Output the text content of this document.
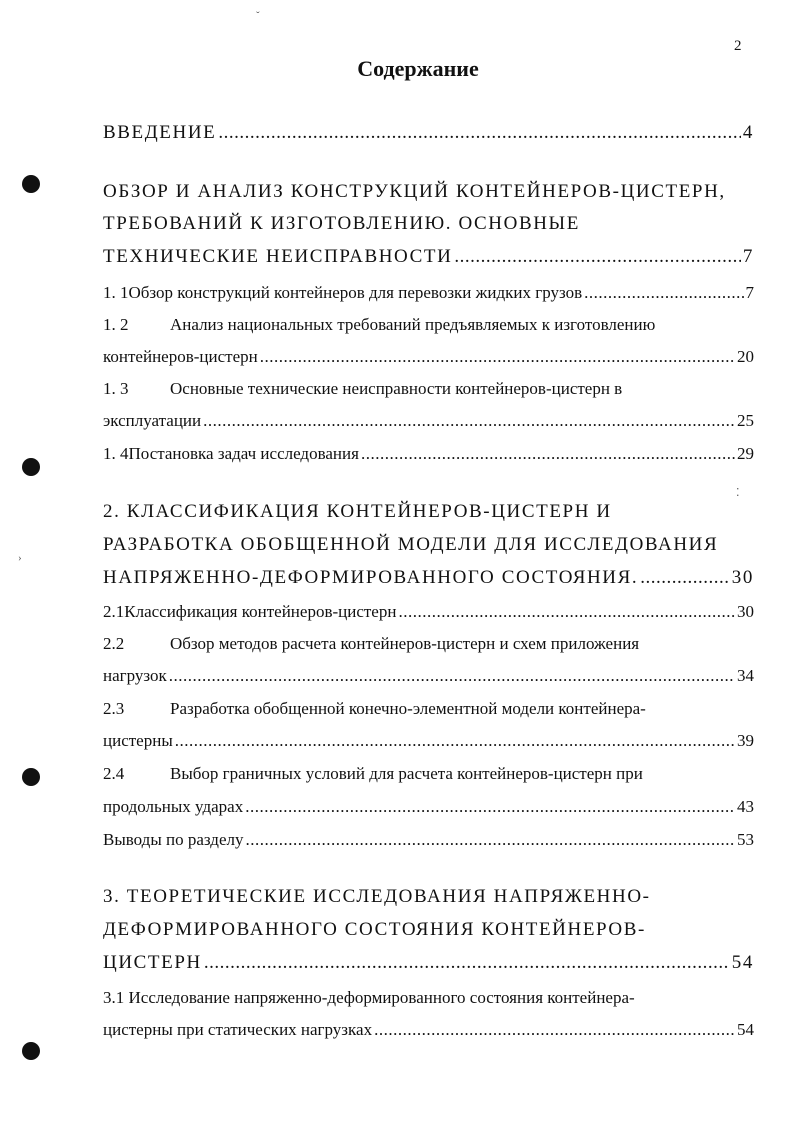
ˇ
›
⁚
2
Содержание
ВВЕДЕНИЕ .....	4
ОБЗОР И АНАЛИЗ КОНСТРУКЦИЙ КОНТЕЙНЕРОВ-ЦИСТЕРН,
ТРЕБОВАНИЙ К ИЗГОТОВЛЕНИЮ. ОСНОВНЫЕ
ТЕХНИЧЕСКИЕ НЕИСПРАВНОСТИ .....	7
1. 1 Обзор конструкций контейнеров для перевозки жидких грузов .....	7
1. 2 Анализ национальных требований предъявляемых к изготовлению
контейнеров-цистерн .....	20
1. 3 Основные технические неисправности контейнеров-цистерн в
эксплуатации .....	25
1. 4 Постановка задач исследования .....	29
2. КЛАССИФИКАЦИЯ КОНТЕЙНЕРОВ-ЦИСТЕРН И
РАЗРАБОТКА ОБОБЩЕННОЙ МОДЕЛИ ДЛЯ ИССЛЕДОВАНИЯ
НАПРЯЖЕННО-ДЕФОРМИРОВАННОГО СОСТОЯНИЯ. .....	30
2.1 Классификация контейнеров-цистерн .....	30
2.2	Обзор методов расчета контейнеров-цистерн и схем приложения
нагрузок .....	34
2.3	Разработка обобщенной конечно-элементной модели контейнера-
цистерны .....	39
2.4	Выбор граничных условий для расчета контейнеров-цистерн при
продольных ударах .....	43
Выводы по разделу .....	53
3. ТЕОРЕТИЧЕСКИЕ ИССЛЕДОВАНИЯ НАПРЯЖЕННО-
ДЕФОРМИРОВАННОГО СОСТОЯНИЯ КОНТЕЙНЕРОВ-
ЦИСТЕРН .....	54
3.1 Исследование напряженно-деформированного состояния контейнера-
цистерны при статических нагрузках .....	54
